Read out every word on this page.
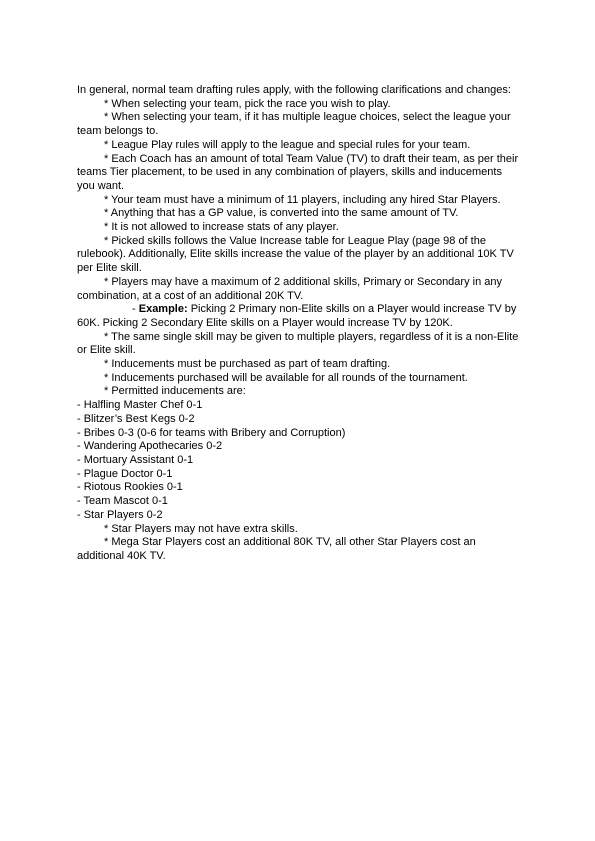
In general, normal team drafting rules apply, with the following clarifications and changes:

* When selecting your team, pick the race you wish to play.

* When selecting your team, if it has multiple league choices, select the league your team belongs to.

* League Play rules will apply to the league and special rules for your team.

* Each Coach has an amount of total Team Value (TV) to draft their team, as per their teams Tier placement, to be used in any combination of players, skills and inducements you want.

* Your team must have a minimum of 11 players, including any hired Star Players.

* Anything that has a GP value, is converted into the same amount of TV.

* It is not allowed to increase stats of any player.

* Picked skills follows the Value Increase table for League Play (page 98 of the rulebook). Additionally, Elite skills increase the value of the player by an additional 10K TV per Elite skill.

* Players may have a maximum of 2 additional skills, Primary or Secondary in any combination, at a cost of an additional 20K TV.

- Example: Picking 2 Primary non-Elite skills on a Player would increase TV by 60K. Picking 2 Secondary Elite skills on a Player would increase TV by 120K.

* The same single skill may be given to multiple players, regardless of it is a non-Elite or Elite skill.

* Inducements must be purchased as part of team drafting.

* Inducements purchased will be available for all rounds of the tournament.

* Permitted inducements are:

- Halfling Master Chef 0-1

- Blitzer’s Best Kegs 0-2

- Bribes 0-3 (0-6 for teams with Bribery and Corruption)

- Wandering Apothecaries 0-2

- Mortuary Assistant 0-1

- Plague Doctor 0-1

- Riotous Rookies 0-1

- Team Mascot 0-1

- Star Players 0-2

* Star Players may not have extra skills.

* Mega Star Players cost an additional 80K TV, all other Star Players cost an additional 40K TV.
